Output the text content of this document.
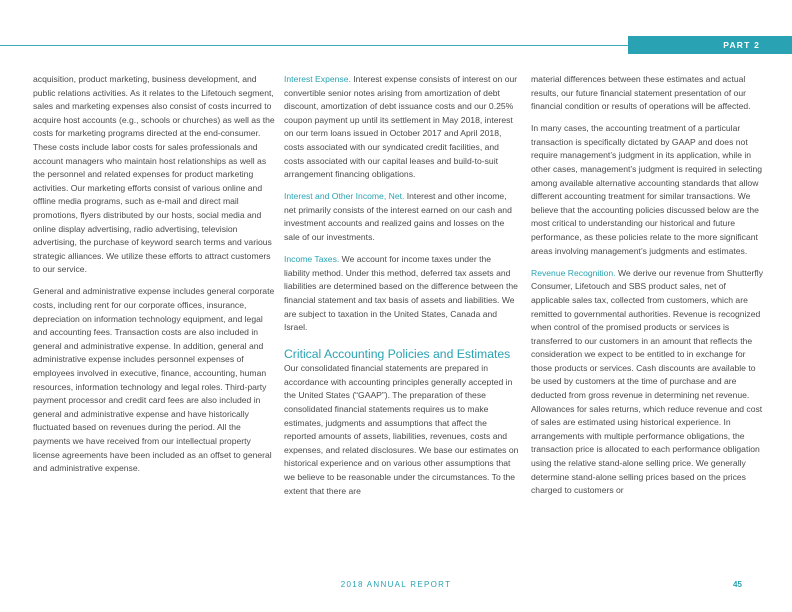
PART 2

acquisition, product marketing, business development, and public relations activities. As it relates to the Lifetouch segment, sales and marketing expenses also consist of costs incurred to acquire host accounts (e.g., schools or churches) as well as the costs for marketing programs directed at the end-consumer. These costs include labor costs for sales professionals and account managers who maintain host relationships as well as the personnel and related expenses for product marketing activities. Our marketing efforts consist of various online and offline media programs, such as e-mail and direct mail promotions, flyers distributed by our hosts, social media and online display advertising, radio advertising, television advertising, the purchase of keyword search terms and various strategic alliances. We utilize these efforts to attract customers to our service.

General and administrative expense includes general corporate costs, including rent for our corporate offices, insurance, depreciation on information technology equipment, and legal and accounting fees. Transaction costs are also included in general and administrative expense. In addition, general and administrative expense includes personnel expenses of employees involved in executive, finance, accounting, human resources, information technology and legal roles. Third-party payment processor and credit card fees are also included in general and administrative expense and have historically fluctuated based on revenues during the period. All the payments we have received from our intellectual property license agreements have been included as an offset to general and administrative expense.

Interest Expense. Interest expense consists of interest on our convertible senior notes arising from amortization of debt discount, amortization of debt issuance costs and our 0.25% coupon payment up until its settlement in May 2018, interest on our term loans issued in October 2017 and April 2018, costs associated with our syndicated credit facilities, and costs associated with our capital leases and build-to-suit arrangement financing obligations.

Interest and Other Income, Net. Interest and other income, net primarily consists of the interest earned on our cash and investment accounts and realized gains and losses on the sale of our investments.

Income Taxes. We account for income taxes under the liability method. Under this method, deferred tax assets and liabilities are determined based on the difference between the financial statement and tax basis of assets and liabilities. We are subject to taxation in the United States, Canada and Israel.

Critical Accounting Policies and Estimates

Our consolidated financial statements are prepared in accordance with accounting principles generally accepted in the United States (“GAAP”). The preparation of these consolidated financial statements requires us to make estimates, judgments and assumptions that affect the reported amounts of assets, liabilities, revenues, costs and expenses, and related disclosures. We base our estimates on historical experience and on various other assumptions that we believe to be reasonable under the circumstances. To the extent that there are

material differences between these estimates and actual results, our future financial statement presentation of our financial condition or results of operations will be affected.

In many cases, the accounting treatment of a particular transaction is specifically dictated by GAAP and does not require management’s judgment in its application, while in other cases, management’s judgment is required in selecting among available alternative accounting standards that allow different accounting treatment for similar transactions. We believe that the accounting policies discussed below are the most critical to understanding our historical and future performance, as these policies relate to the more significant areas involving management’s judgments and estimates.

Revenue Recognition. We derive our revenue from Shutterfly Consumer, Lifetouch and SBS product sales, net of applicable sales tax, collected from customers, which are remitted to governmental authorities. Revenue is recognized when control of the promised products or services is transferred to our customers in an amount that reflects the consideration we expect to be entitled to in exchange for those products or services. Cash discounts are available to be used by customers at the time of purchase and are deducted from gross revenue in determining net revenue. Allowances for sales returns, which reduce revenue and cost of sales are estimated using historical experience. In arrangements with multiple performance obligations, the transaction price is allocated to each performance obligation using the relative stand-alone selling price. We generally determine stand-alone selling prices based on the prices charged to customers or

2018 ANNUAL REPORT	45
